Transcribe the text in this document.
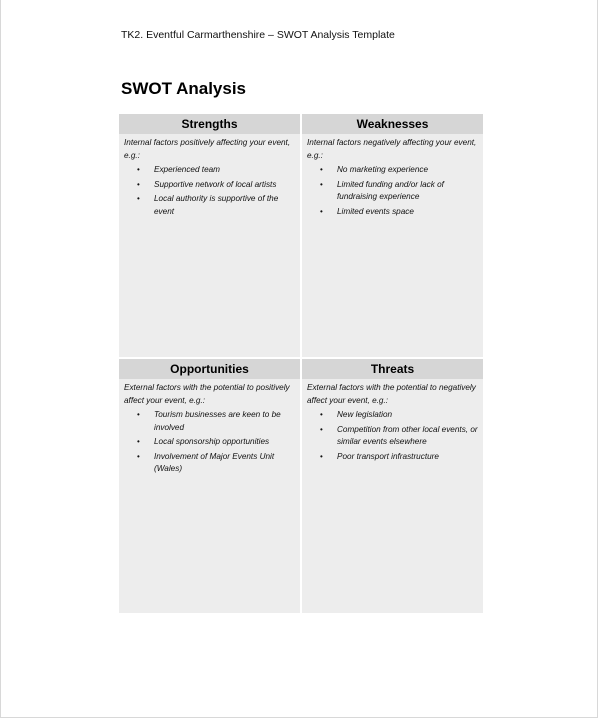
TK2. Eventful Carmarthenshire – SWOT Analysis Template
SWOT Analysis
Strengths

Internal factors positively affecting your event, e.g.:

• Experienced team
• Supportive network of local artists
• Local authority is supportive of the event
Weaknesses

Internal factors negatively affecting your event, e.g.:

• No marketing experience
• Limited funding and/or lack of fundraising experience
• Limited events space
Opportunities

External factors with the potential to positively affect your event, e.g.:

• Tourism businesses are keen to be involved
• Local sponsorship opportunities
• Involvement of Major Events Unit (Wales)
Threats

External factors with the potential to negatively affect your event, e.g.:

• New legislation
• Competition from other local events, or similar events elsewhere
• Poor transport infrastructure
